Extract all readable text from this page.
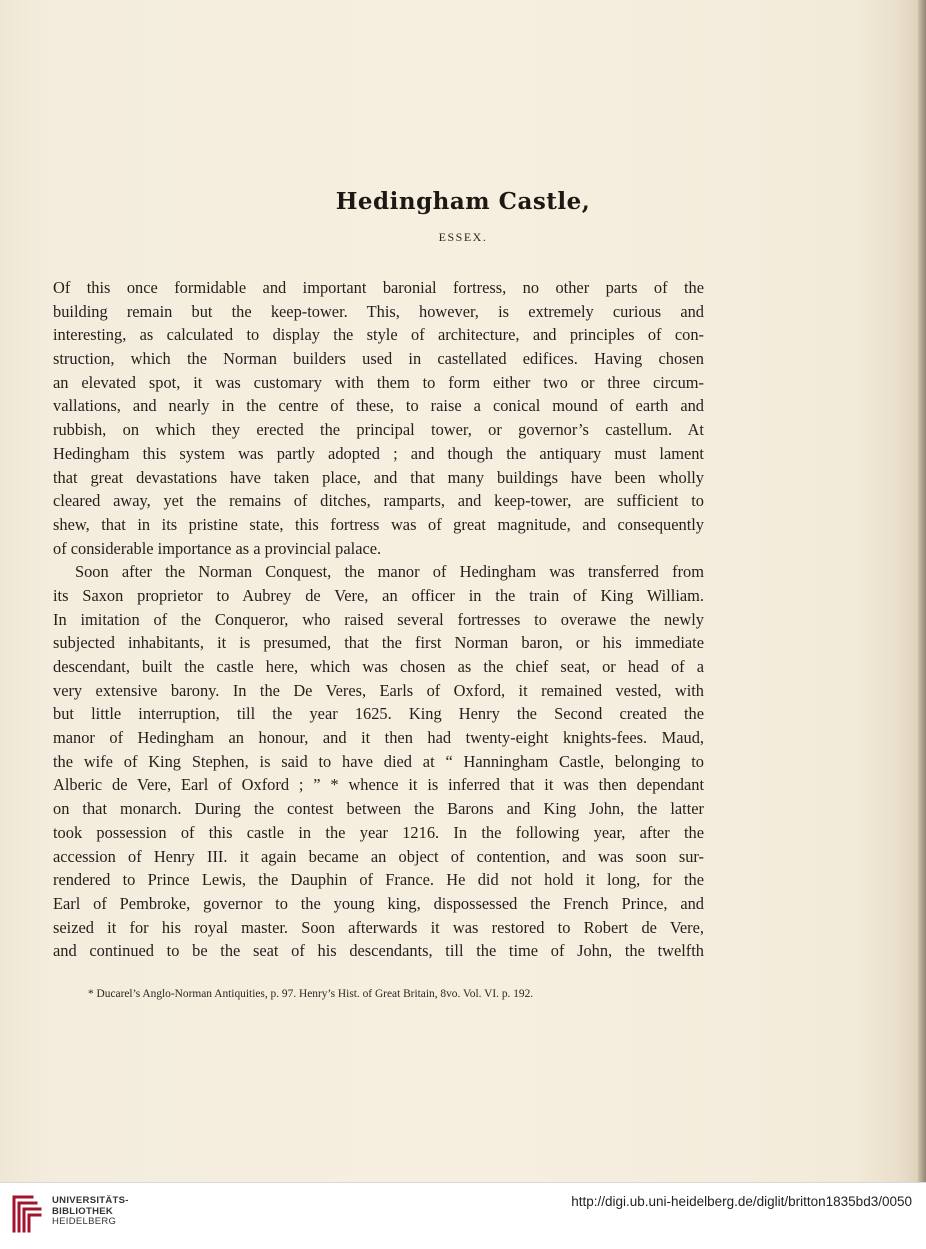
Hedingham Castle,
ESSEX.
Of this once formidable and important baronial fortress, no other parts of the
building remain but the keep-tower. This, however, is extremely curious and
interesting, as calculated to display the style of architecture, and principles of con-
struction, which the Norman builders used in castellated edifices. Having chosen
an elevated spot, it was customary with them to form either two or three circum-
vallations, and nearly in the centre of these, to raise a conical mound of earth and
rubbish, on which they erected the principal tower, or governor’s castellum. At
Hedingham this system was partly adopted ; and though the antiquary must lament
that great devastations have taken place, and that many buildings have been wholly
cleared away, yet the remains of ditches, ramparts, and keep-tower, are sufficient to
shew, that in its pristine state, this fortress was of great magnitude, and consequently
of considerable importance as a provincial palace.
Soon after the Norman Conquest, the manor of Hedingham was transferred from
its Saxon proprietor to Aubrey de Vere, an officer in the train of King William.
In imitation of the Conqueror, who raised several fortresses to overawe the newly
subjected inhabitants, it is presumed, that the first Norman baron, or his immediate
descendant, built the castle here, which was chosen as the chief seat, or head of a
very extensive barony. In the De Veres, Earls of Oxford, it remained vested, with
but little interruption, till the year 1625. King Henry the Second created the
manor of Hedingham an honour, and it then had twenty-eight knights-fees. Maud,
the wife of King Stephen, is said to have died at “ Hanningham Castle, belonging to
Alberic de Vere, Earl of Oxford ; ” * whence it is inferred that it was then dependant
on that monarch. During the contest between the Barons and King John, the latter
took possession of this castle in the year 1216. In the following year, after the
accession of Henry III. it again became an object of contention, and was soon sur-
rendered to Prince Lewis, the Dauphin of France. He did not hold it long, for the
Earl of Pembroke, governor to the young king, dispossessed the French Prince, and
seized it for his royal master. Soon afterwards it was restored to Robert de Vere,
and continued to be the seat of his descendants, till the time of John, the twelfth
* Ducarel’s Anglo-Norman Antiquities, p. 97. Henry’s Hist. of Great Britain, 8vo. Vol. VI. p. 192.
UNIVERSITÄTS-
BIBLIOTHEK
HEIDELBERG
http://digi.ub.uni-heidelberg.de/diglit/britton1835bd3/0050
